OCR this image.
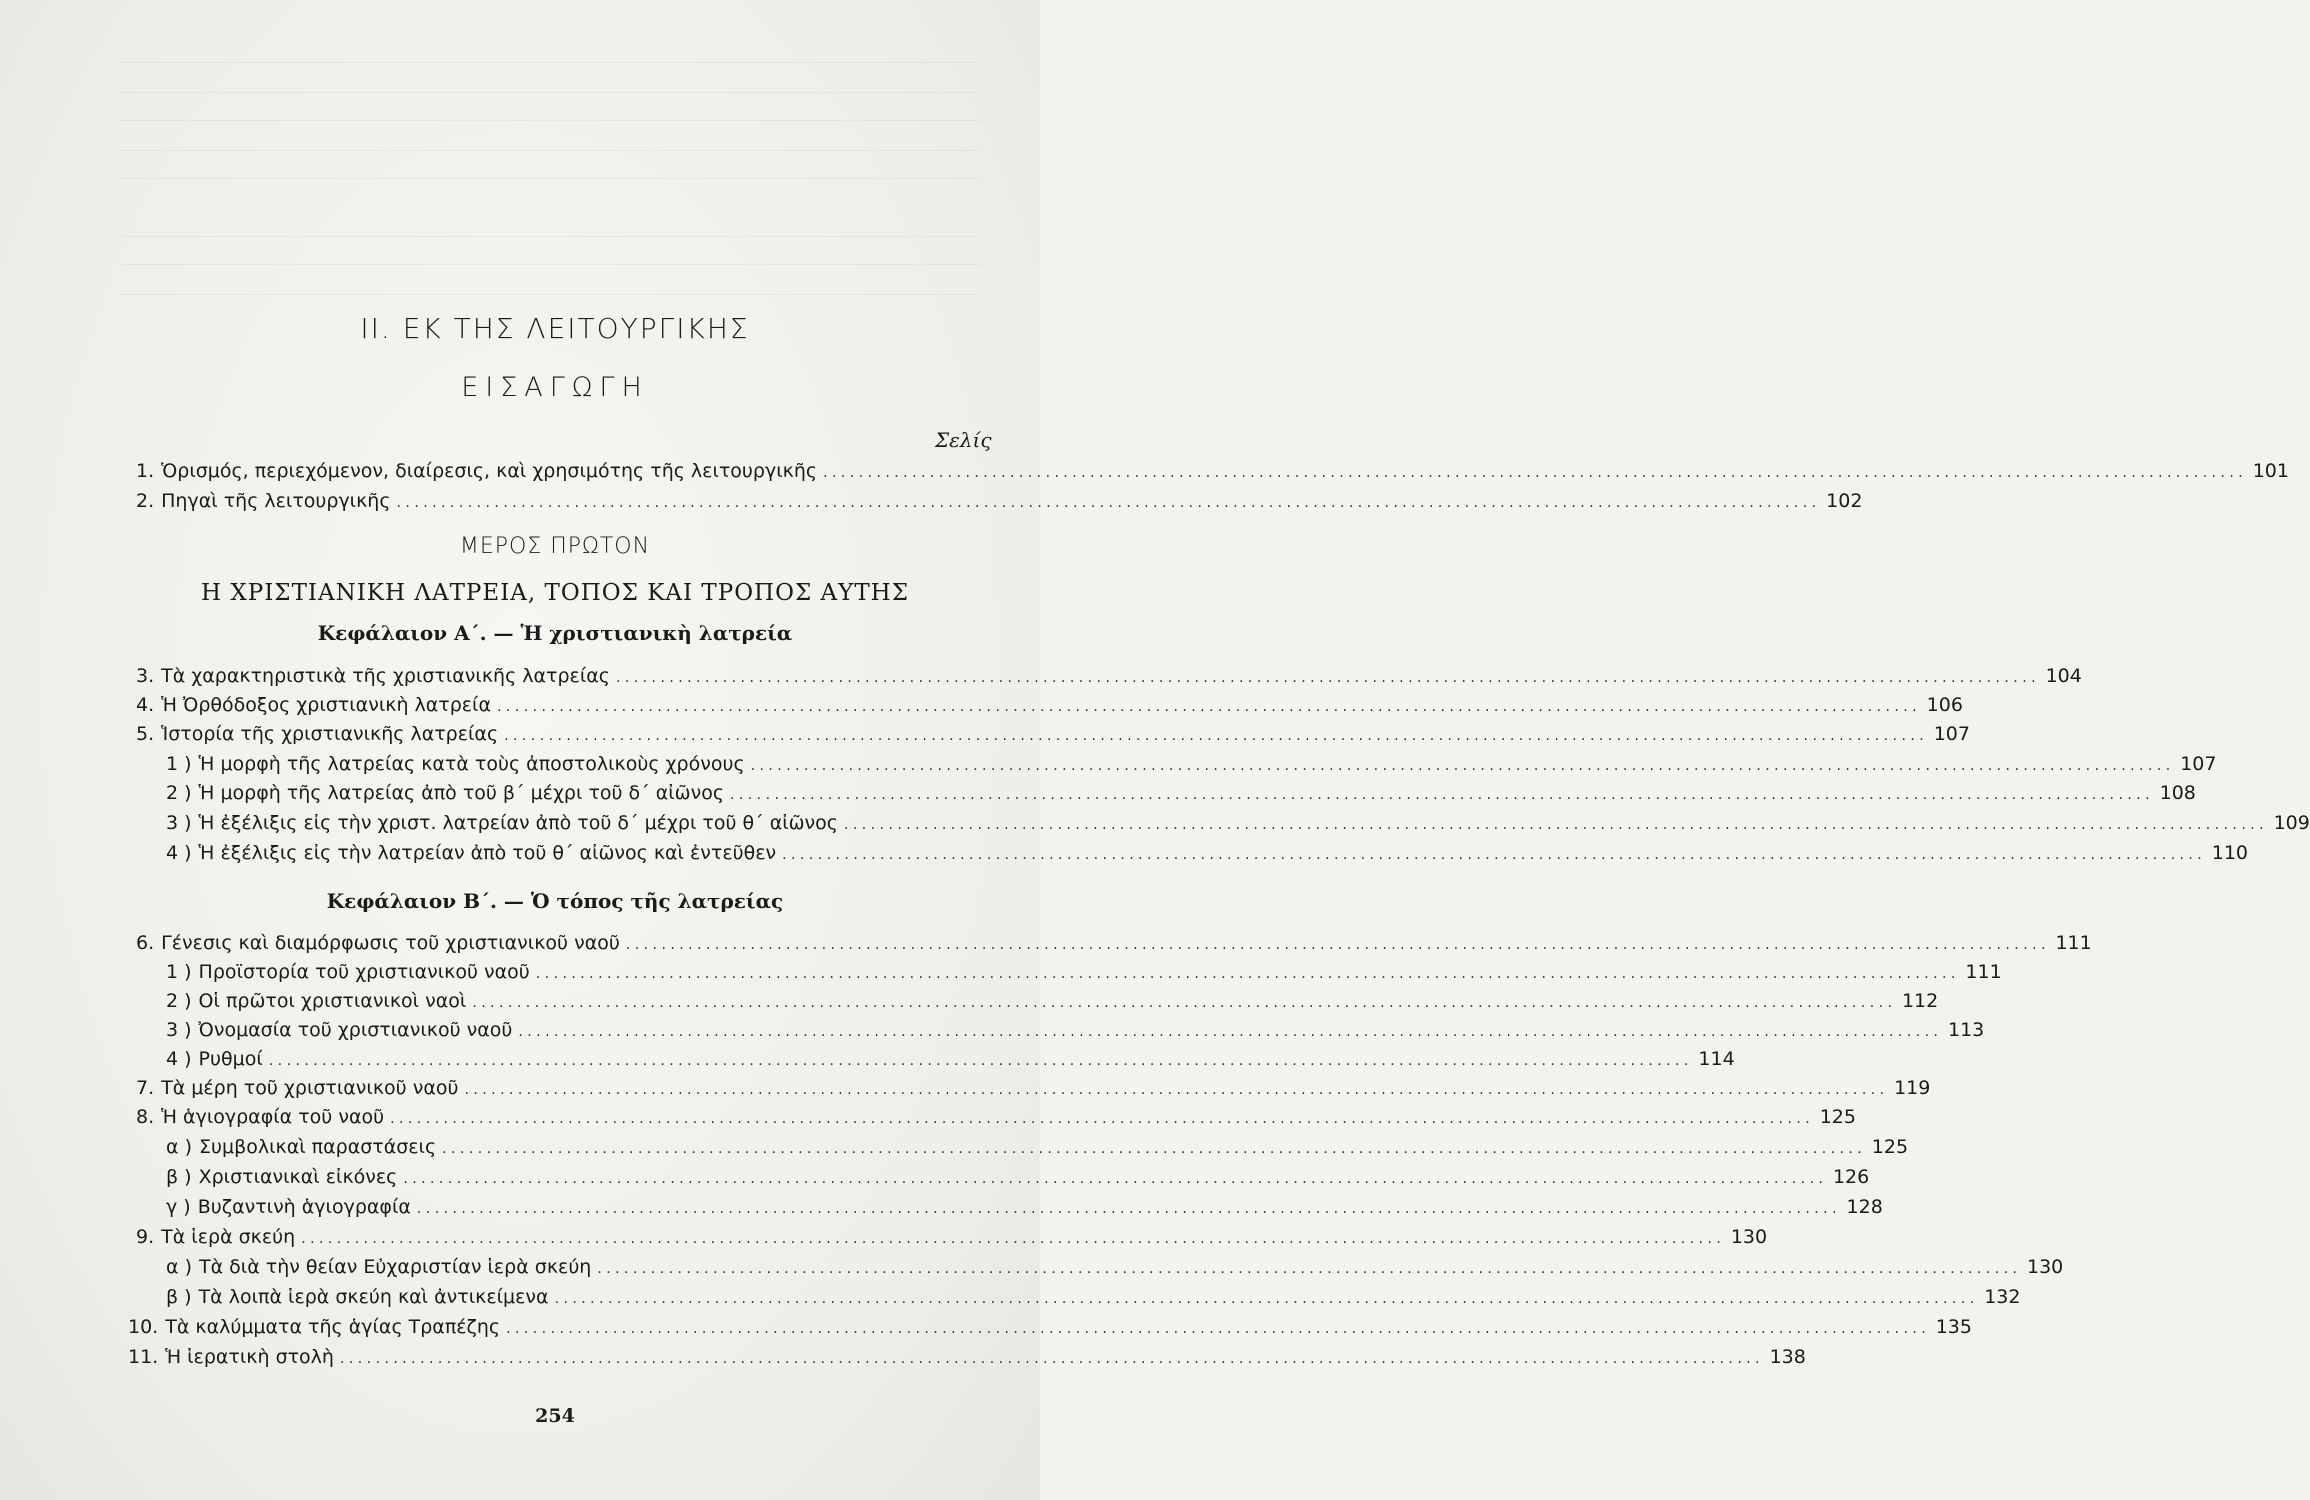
II. ΕΚ ΤΗΣ ΛΕΙΤΟΥΡΓΙΚΗΣ
ΕΙΣΑΓΩΓΗ
Σελίς
1. Ὁρισμός, περιεχόμενον, διαίρεσις, καὶ χρησιμότης τῆς λειτουργικῆς . . .	101
2. Πηγαὶ τῆς λειτουργικῆς . . .	102
ΜΕΡΟΣ ΠΡΩΤΟΝ
Η ΧΡΙΣΤΙΑΝΙΚΗ ΛΑΤΡΕΙΑ, ΤΟΠΟΣ ΚΑΙ ΤΡΟΠΟΣ ΑΥΤΗΣ
Κεφάλαιον Α΄. — Ἡ χριστιανικὴ λατρεία
3. Τὰ χαρακτηριστικὰ τῆς χριστιανικῆς λατρείας . . .	104
4. Ἡ Ὀρθόδοξος χριστιανικὴ λατρεία . . .	106
5. Ἱστορία τῆς χριστιανικῆς λατρείας . . .	107
1 ) Ἡ μορφὴ τῆς λατρείας κατὰ τοὺς ἀποστολικοὺς χρόνους . . .	107
2 ) Ἡ μορφὴ τῆς λατρείας ἀπὸ τοῦ β΄ μέχρι τοῦ δ΄ αἰῶνος . . .	108
3 ) Ἡ ἐξέλιξις εἰς τὴν χριστ. λατρείαν ἀπὸ τοῦ δ΄ μέχρι τοῦ θ΄ αἰῶνος . . .	109
4 ) Ἡ ἐξέλιξις εἰς τὴν λατρείαν ἀπὸ τοῦ θ΄ αἰῶνος καὶ ἐντεῦθεν . . .	110
Κεφάλαιον Β΄. — Ὁ τόπος τῆς λατρείας
6. Γένεσις καὶ διαμόρφωσις τοῦ χριστιανικοῦ ναοῦ . . .	111
1 ) Προϊστορία τοῦ χριστιανικοῦ ναοῦ . . .	111
2 ) Οἱ πρῶτοι χριστιανικοὶ ναοὶ . . .	112
3 ) Ὀνομασία τοῦ χριστιανικοῦ ναοῦ . . .	113
4 ) Ρυθμοί . . .	114
7. Τὰ μέρη τοῦ χριστιανικοῦ ναοῦ . . .	119
8. Ἡ ἁγιογραφία τοῦ ναοῦ . . .	125
α ) Συμβολικαὶ παραστάσεις . . .	125
β ) Χριστιανικαὶ εἰκόνες . . .	126
γ ) Βυζαντινὴ ἁγιογραφία . . .	128
9. Τὰ ἱερὰ σκεύη . . .	130
α ) Τὰ διὰ τὴν θείαν Εὐχαριστίαν ἱερὰ σκεύη . . .	130
β ) Τὰ λοιπὰ ἱερὰ σκεύη καὶ ἀντικείμενα . . .	132
10. Τὰ καλύμματα τῆς ἁγίας Τραπέζης . . .	135
11. Ἡ ἱερατικὴ στολὴ . . .	138
254
